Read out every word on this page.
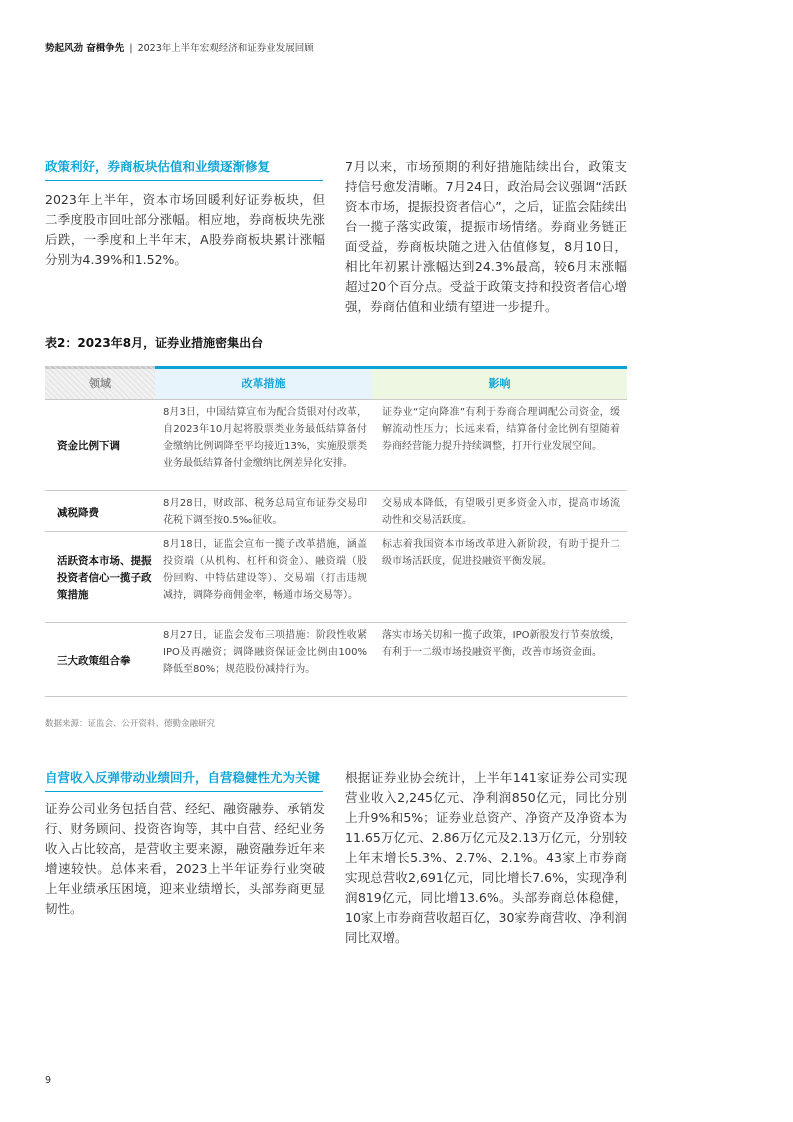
势起风劲 奋楫争先 | 2023年上半年宏观经济和证券业发展回顾
政策利好，券商板块估值和业绩逐渐修复
2023年上半年，资本市场回暖利好证券板块，但二季度股市回吐部分涨幅。相应地，券商板块先涨后跌，一季度和上半年末，A股券商板块累计涨幅分别为4.39%和1.52%。
7月以来，市场预期的利好措施陆续出台，政策支持信号愈发清晰。7月24日，政治局会议强调“活跃资本市场，提振投资者信心”，之后，证监会陆续出台一揽子落实政策，提振市场情绪。券商业务链正面受益，券商板块随之进入估值修复，8月10日，相比年初累计涨幅达到24.3%最高，较6月末涨幅超过20个百分点。受益于政策支持和投资者信心增强，券商估值和业绩有望进一步提升。
表2：2023年8月，证券业措施密集出台
领域	改革措施	影响
资金比例下调
8月3日，中国结算宣布为配合货银对付改革，自2023年10月起将股票类业务最低结算备付金缴纳比例调降至平均接近13%，实施股票类业务最低结算备付金缴纳比例差异化安排。
证券业“定向降准”有利于券商合理调配公司资金，缓解流动性压力；长远来看，结算备付金比例有望随着券商经营能力提升持续调整，打开行业发展空间。
减税降费
8月28日，财政部、税务总局宣布证券交易印花税下调至按0.5‰征收。
交易成本降低，有望吸引更多资金入市，提高市场流动性和交易活跃度。
活跃资本市场、提振投资者信心一揽子政策措施
8月18日，证监会宣布一揽子改革措施，涵盖投资端（从机构、杠杆和资金）、融资端（股份回购、中特估建设等）、交易端（打击违规减持，调降券商佣金率，畅通市场交易等）。
标志着我国资本市场改革进入新阶段，有助于提升二级市场活跃度，促进投融资平衡发展。
三大政策组合拳
8月27日，证监会发布三项措施：阶段性收紧IPO及再融资；调降融资保证金比例由100%降低至80%；规范股份减持行为。
落实市场关切和一揽子政策，IPO新股发行节奏放缓，有利于一二级市场投融资平衡，改善市场资金面。
数据来源：证监会、公开资料、德勤金融研究
自营收入反弹带动业绩回升，自营稳健性尤为关键
证券公司业务包括自营、经纪、融资融券、承销发行、财务顾问、投资咨询等，其中自营、经纪业务收入占比较高，是营收主要来源，融资融券近年来增速较快。总体来看，2023上半年证券行业突破上年业绩承压困境，迎来业绩增长，头部券商更显韧性。
根据证券业协会统计，上半年141家证券公司实现营业收入2,245亿元、净利润850亿元，同比分别上升9%和5%；证券业总资产、净资产及净资本为11.65万亿元、2.86万亿元及2.13万亿元，分别较上年末增长5.3%、2.7%、2.1%。43家上市券商实现总营收2,691亿元，同比增长7.6%，实现净利润819亿元，同比增13.6%。头部券商总体稳健，10家上市券商营收超百亿，30家券商营收、净利润同比双增。
9
